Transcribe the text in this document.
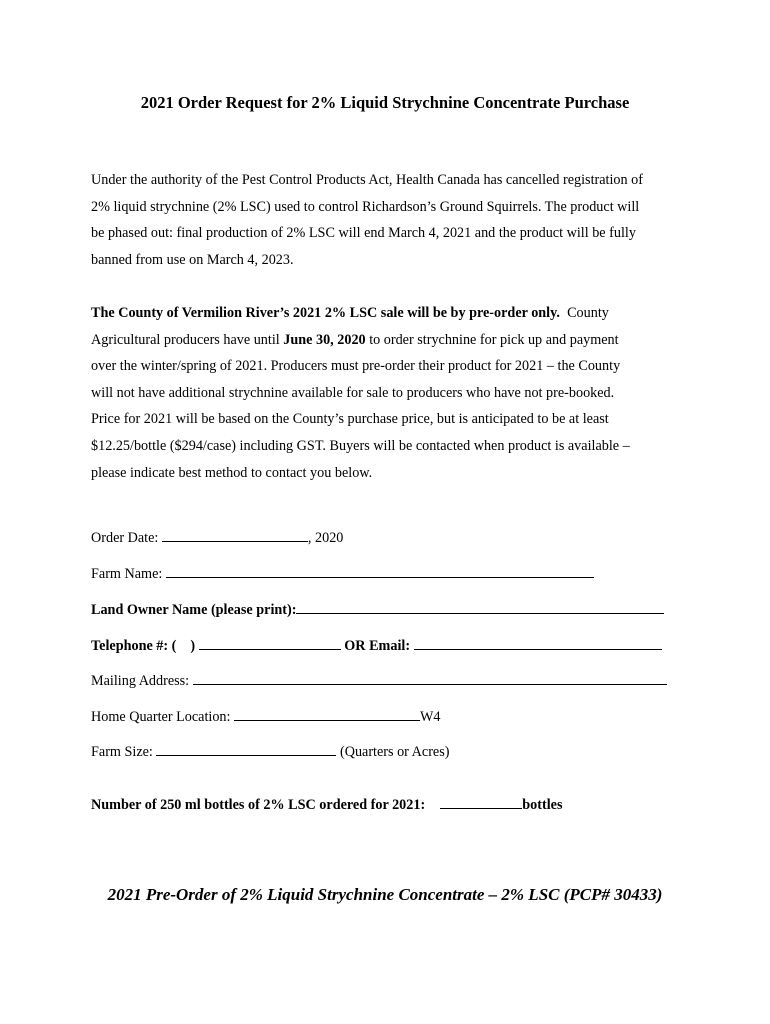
2021 Order Request for 2% Liquid Strychnine Concentrate Purchase
Under the authority of the Pest Control Products Act, Health Canada has cancelled registration of
2% liquid strychnine (2% LSC) used to control Richardson’s Ground Squirrels. The product will
be phased out: final production of 2% LSC will end March 4, 2021 and the product will be fully
banned from use on March 4, 2023.
The County of Vermilion River’s 2021 2% LSC sale will be by pre-order only.  County
Agricultural producers have until June 30, 2020 to order strychnine for pick up and payment
over the winter/spring of 2021. Producers must pre-order their product for 2021 – the County
will not have additional strychnine available for sale to producers who have not pre-booked.
Price for 2021 will be based on the County’s purchase price, but is anticipated to be at least
$12.25/bottle ($294/case) including GST. Buyers will be contacted when product is available –
please indicate best method to contact you below.
Order Date:	, 2020
Farm Name:
Land Owner Name (please print):
Telephone #: ( )	OR Email:
Mailing Address:
Home Quarter Location:	W4
Farm Size:	(Quarters or Acres)
Number of 250 ml bottles of 2% LSC ordered for 2021:	bottles
2021 Pre-Order of 2% Liquid Strychnine Concentrate – 2% LSC (PCP# 30433)
